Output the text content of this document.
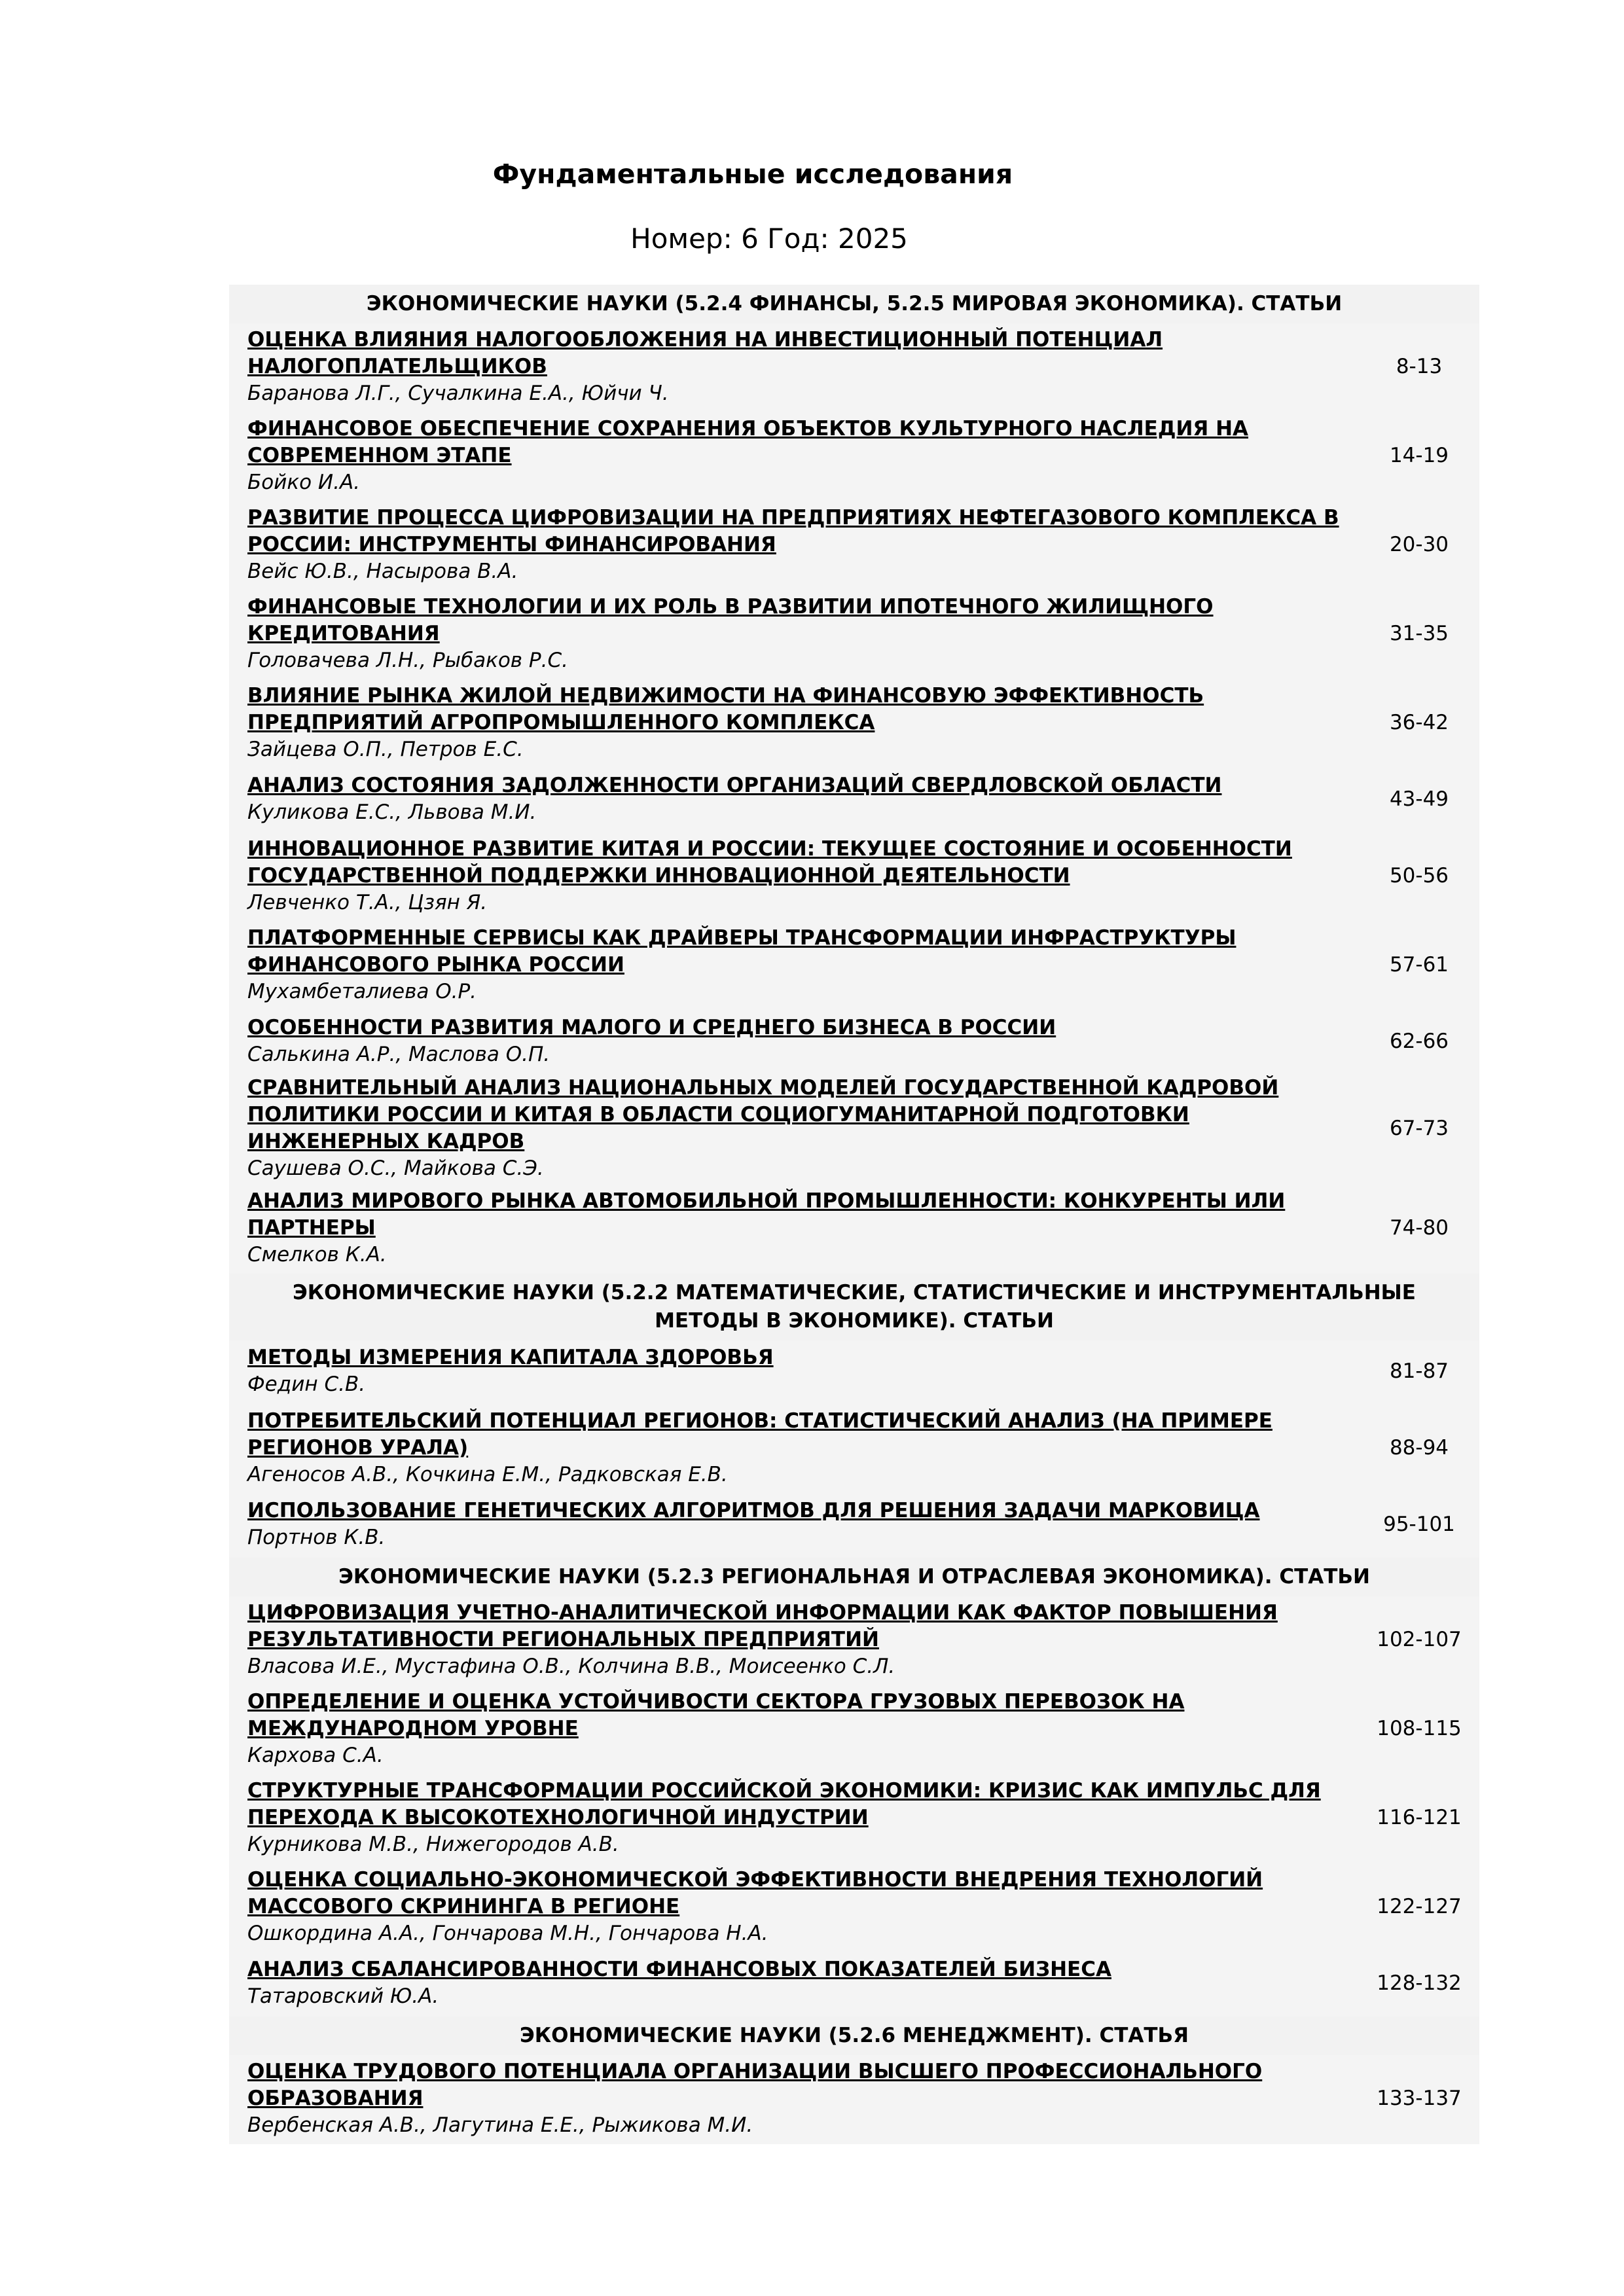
Фундаментальные исследования
Номер: 6 Год: 2025
ЭКОНОМИЧЕСКИЕ НАУКИ (5.2.4 ФИНАНСЫ, 5.2.5 МИРОВАЯ ЭКОНОМИКА). СТАТЬИ
ОЦЕНКА ВЛИЯНИЯ НАЛОГООБЛОЖЕНИЯ НА ИНВЕСТИЦИОННЫЙ ПОТЕНЦИАЛ НАЛОГОПЛАТЕЛЬЩИКОВ
Баранова Л.Г., Сучалкина Е.А., Юйчи Ч.
8-13
ФИНАНСОВОЕ ОБЕСПЕЧЕНИЕ СОХРАНЕНИЯ ОБЪЕКТОВ КУЛЬТУРНОГО НАСЛЕДИЯ НА СОВРЕМЕННОМ ЭТАПЕ
Бойко И.А.
14-19
РАЗВИТИЕ ПРОЦЕССА ЦИФРОВИЗАЦИИ НА ПРЕДПРИЯТИЯХ НЕФТЕГАЗОВОГО КОМПЛЕКСА В РОССИИ: ИНСТРУМЕНТЫ ФИНАНСИРОВАНИЯ
Вейс Ю.В., Насырова В.А.
20-30
ФИНАНСОВЫЕ ТЕХНОЛОГИИ И ИХ РОЛЬ В РАЗВИТИИ ИПОТЕЧНОГО ЖИЛИЩНОГО КРЕДИТОВАНИЯ
Головачева Л.Н., Рыбаков Р.С.
31-35
ВЛИЯНИЕ РЫНКА ЖИЛОЙ НЕДВИЖИМОСТИ НА ФИНАНСОВУЮ ЭФФЕКТИВНОСТЬ ПРЕДПРИЯТИЙ АГРОПРОМЫШЛЕННОГО КОМПЛЕКСА
Зайцева О.П., Петров Е.С.
36-42
АНАЛИЗ СОСТОЯНИЯ ЗАДОЛЖЕННОСТИ ОРГАНИЗАЦИЙ СВЕРДЛОВСКОЙ ОБЛАСТИ
Куликова Е.С., Львова М.И.
43-49
ИННОВАЦИОННОЕ РАЗВИТИЕ КИТАЯ И РОССИИ: ТЕКУЩЕЕ СОСТОЯНИЕ И ОСОБЕННОСТИ ГОСУДАРСТВЕННОЙ ПОДДЕРЖКИ ИННОВАЦИОННОЙ ДЕЯТЕЛЬНОСТИ
Левченко Т.А., Цзян Я.
50-56
ПЛАТФОРМЕННЫЕ СЕРВИСЫ КАК ДРАЙВЕРЫ ТРАНСФОРМАЦИИ ИНФРАСТРУКТУРЫ ФИНАНСОВОГО РЫНКА РОССИИ
Мухамбеталиева О.Р.
57-61
ОСОБЕННОСТИ РАЗВИТИЯ МАЛОГО И СРЕДНЕГО БИЗНЕСА В РОССИИ
Салькина А.Р., Маслова О.П.
62-66
СРАВНИТЕЛЬНЫЙ АНАЛИЗ НАЦИОНАЛЬНЫХ МОДЕЛЕЙ ГОСУДАРСТВЕННОЙ КАДРОВОЙ ПОЛИТИКИ РОССИИ И КИТАЯ В ОБЛАСТИ СОЦИОГУМАНИТАРНОЙ ПОДГОТОВКИ ИНЖЕНЕРНЫХ КАДРОВ
Саушева О.С., Майкова С.Э.
67-73
АНАЛИЗ МИРОВОГО РЫНКА АВТОМОБИЛЬНОЙ ПРОМЫШЛЕННОСТИ: КОНКУРЕНТЫ ИЛИ ПАРТНЕРЫ
Смелков К.А.
74-80
ЭКОНОМИЧЕСКИЕ НАУКИ (5.2.2 МАТЕМАТИЧЕСКИЕ, СТАТИСТИЧЕСКИЕ И ИНСТРУМЕНТАЛЬНЫЕ МЕТОДЫ В ЭКОНОМИКЕ). СТАТЬИ
МЕТОДЫ ИЗМЕРЕНИЯ КАПИТАЛА ЗДОРОВЬЯ
Федин С.В.
81-87
ПОТРЕБИТЕЛЬСКИЙ ПОТЕНЦИАЛ РЕГИОНОВ: СТАТИСТИЧЕСКИЙ АНАЛИЗ (НА ПРИМЕРЕ РЕГИОНОВ УРАЛА)
Агеносов А.В., Кочкина Е.М., Радковская Е.В.
88-94
ИСПОЛЬЗОВАНИЕ ГЕНЕТИЧЕСКИХ АЛГОРИТМОВ ДЛЯ РЕШЕНИЯ ЗАДАЧИ МАРКОВИЦА
Портнов К.В.
95-101
ЭКОНОМИЧЕСКИЕ НАУКИ (5.2.3 РЕГИОНАЛЬНАЯ И ОТРАСЛЕВАЯ ЭКОНОМИКА). СТАТЬИ
ЦИФРОВИЗАЦИЯ УЧЕТНО-АНАЛИТИЧЕСКОЙ ИНФОРМАЦИИ КАК ФАКТОР ПОВЫШЕНИЯ РЕЗУЛЬТАТИВНОСТИ РЕГИОНАЛЬНЫХ ПРЕДПРИЯТИЙ
Власова И.Е., Мустафина О.В., Колчина В.В., Моисеенко С.Л.
102-107
ОПРЕДЕЛЕНИЕ И ОЦЕНКА УСТОЙЧИВОСТИ СЕКТОРА ГРУЗОВЫХ ПЕРЕВОЗОК НА МЕЖДУНАРОДНОМ УРОВНЕ
Кархова С.А.
108-115
СТРУКТУРНЫЕ ТРАНСФОРМАЦИИ РОССИЙСКОЙ ЭКОНОМИКИ: КРИЗИС КАК ИМПУЛЬС ДЛЯ ПЕРЕХОДА К ВЫСОКОТЕХНОЛОГИЧНОЙ ИНДУСТРИИ
Курникова М.В., Нижегородов А.В.
116-121
ОЦЕНКА СОЦИАЛЬНО-ЭКОНОМИЧЕСКОЙ ЭФФЕКТИВНОСТИ ВНЕДРЕНИЯ ТЕХНОЛОГИЙ МАССОВОГО СКРИНИНГА В РЕГИОНЕ
Ошкордина А.А., Гончарова М.Н., Гончарова Н.А.
122-127
АНАЛИЗ СБАЛАНСИРОВАННОСТИ ФИНАНСОВЫХ ПОКАЗАТЕЛЕЙ БИЗНЕСА
Татаровский Ю.А.
128-132
ЭКОНОМИЧЕСКИЕ НАУКИ (5.2.6 МЕНЕДЖМЕНТ). СТАТЬЯ
ОЦЕНКА ТРУДОВОГО ПОТЕНЦИАЛА ОРГАНИЗАЦИИ ВЫСШЕГО ПРОФЕССИОНАЛЬНОГО ОБРАЗОВАНИЯ
Вербенская А.В., Лагутина Е.Е., Рыжикова М.И.
133-137
